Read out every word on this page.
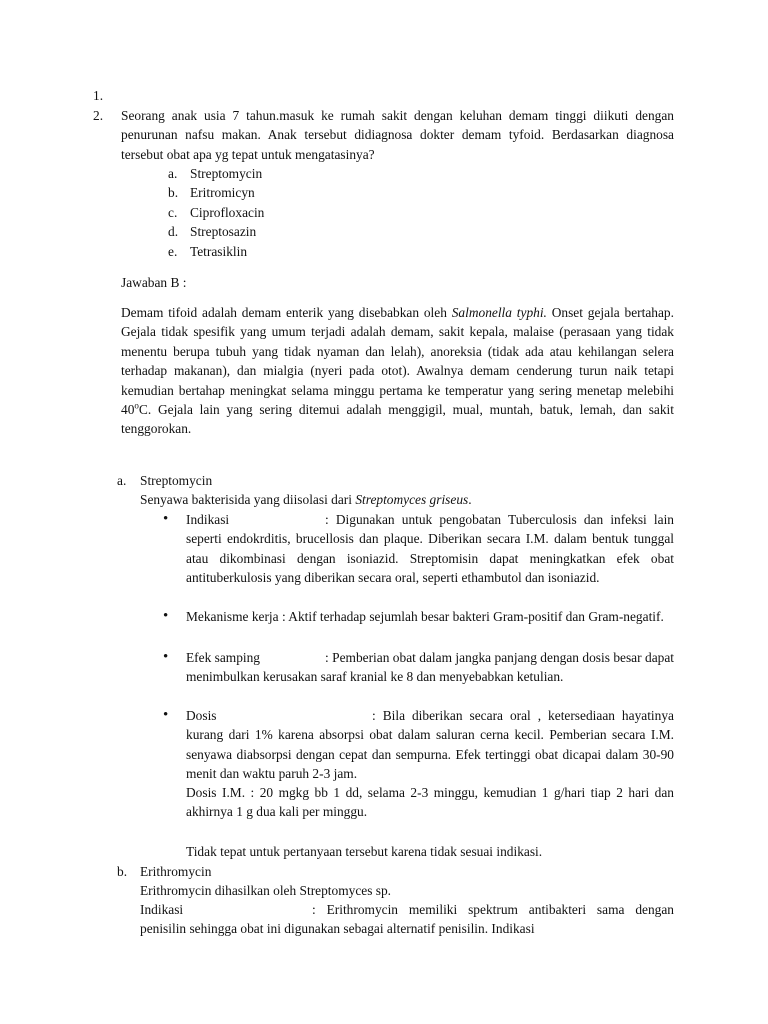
1.
2. Seorang anak usia 7 tahun.masuk ke rumah sakit dengan keluhan demam tinggi diikuti dengan penurunan nafsu makan. Anak tersebut didiagnosa dokter demam tyfoid. Berdasarkan diagnosa tersebut obat apa yg tepat untuk mengatasinya?
a. Streptomycin
b. Eritromicyn
c. Ciprofloxacin
d. Streptosazin
e. Tetrasiklin
Jawaban B :
Demam tifoid adalah demam enterik yang disebabkan oleh Salmonella typhi. Onset gejala bertahap. Gejala tidak spesifik yang umum terjadi adalah demam, sakit kepala, malaise (perasaan yang tidak menentu berupa tubuh yang tidak nyaman dan lelah), anoreksia (tidak ada atau kehilangan selera terhadap makanan), dan mialgia (nyeri pada otot). Awalnya demam cenderung turun naik tetapi kemudian bertahap meningkat selama minggu pertama ke temperatur yang sering menetap melebihi 40$^o$C. Gejala lain yang sering ditemui adalah menggigil, mual, muntah, batuk, lemah, dan sakit tenggorokan.
a. Streptomycin
Senyawa bakterisida yang diisolasi dari Streptomyces griseus.
• Indikasi	: Digunakan untuk pengobatan Tuberculosis dan infeksi lain seperti endokrditis, brucellosis dan plaque. Diberikan secara I.M. dalam bentuk tunggal atau dikombinasi dengan isoniazid. Streptomisin dapat meningkatkan efek obat antituberkulosis yang diberikan secara oral, seperti ethambutol dan isoniazid.
• Mekanisme kerja : Aktif terhadap sejumlah besar bakteri Gram-positif dan Gram-negatif.
• Efek samping	: Pemberian obat dalam jangka panjang dengan dosis besar dapat menimbulkan kerusakan saraf kranial ke 8 dan menyebabkan ketulian.
• Dosis	: Bila diberikan secara oral , ketersediaan hayatinya kurang dari 1% karena absorpsi obat dalam saluran cerna kecil. Pemberian secara I.M. senyawa diabsorpsi dengan cepat dan sempurna. Efek tertinggi obat dicapai dalam 30-90 menit dan waktu paruh 2-3 jam.
Dosis I.M. : 20 mgkg bb 1 dd, selama 2-3 minggu, kemudian 1 g/hari tiap 2 hari dan akhirnya 1 g dua kali per minggu.
Tidak tepat untuk pertanyaan tersebut karena tidak sesuai indikasi.
b. Erithromycin
Erithromycin dihasilkan oleh Streptomyces sp.
Indikasi	: Erithromycin memiliki spektrum antibakteri sama dengan penisilin sehingga obat ini digunakan sebagai alternatif penisilin. Indikasi
